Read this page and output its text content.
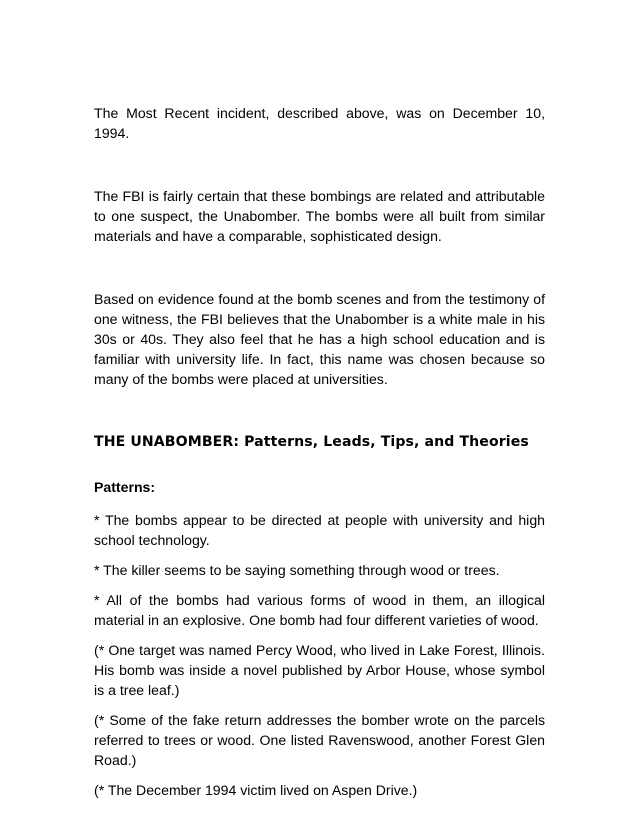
The Most Recent incident, described above, was on December 10, 1994.

The FBI is fairly certain that these bombings are related and attributable to one suspect, the Unabomber. The bombs were all built from similar materials and have a comparable, sophisticated design.

Based on evidence found at the bomb scenes and from the testimony of one witness, the FBI believes that the Unabomber is a white male in his 30s or 40s. They also feel that he has a high school education and is familiar with university life. In fact, this name was chosen because so many of the bombs were placed at universities.

THE UNABOMBER: Patterns, Leads, Tips, and Theories

Patterns:

* The bombs appear to be directed at people with university and high school technology.

* The killer seems to be saying something through wood or trees.

* All of the bombs had various forms of wood in them, an illogical material in an explosive. One bomb had four different varieties of wood.

(* One target was named Percy Wood, who lived in Lake Forest, Illinois. His bomb was inside a novel published by Arbor House, whose symbol is a tree leaf.)

(* Some of the fake return addresses the bomber wrote on the parcels referred to trees or wood. One listed Ravenswood, another Forest Glen Road.)

(* The December 1994 victim lived on Aspen Drive.)
